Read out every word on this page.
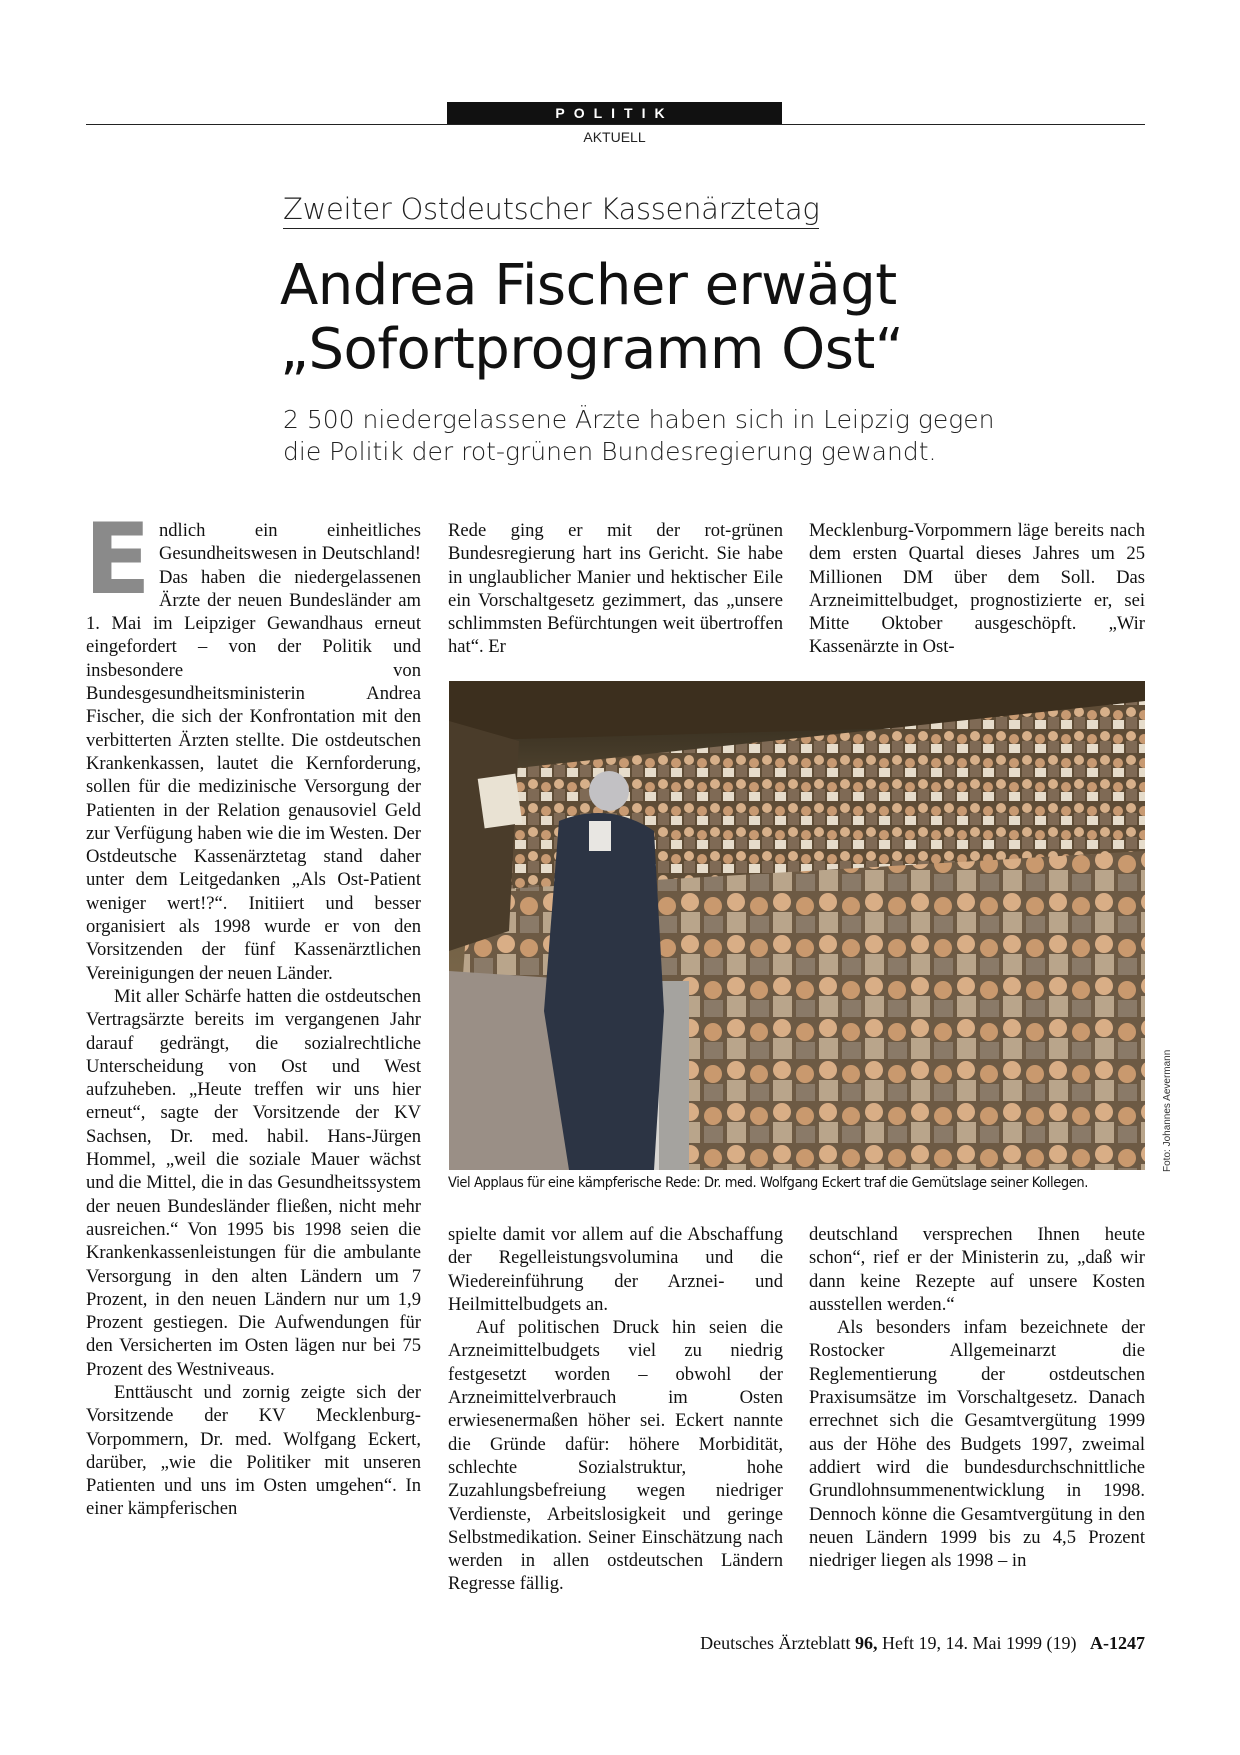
POLITIK
AKTUELL
Zweiter Ostdeutscher Kassenärztetag
Andrea Fischer erwägt
„Sofortprogramm Ost“
2 500 niedergelassene Ärzte haben sich in Leipzig gegen
die Politik der rot-grünen Bundesregierung gewandt.

Endlich ein einheitliches Gesundheitswesen in Deutschland! Das haben die niedergelassenen Ärzte der neuen Bundesländer am 1. Mai im Leipziger Gewandhaus erneut eingefordert – von der Politik und insbesondere von Bundesgesundheitsministerin Andrea Fischer, die sich der Konfrontation mit den verbitterten Ärzten stellte. Die ostdeutschen Krankenkassen, lautet die Kernforderung, sollen für die medizinische Versorgung der Patienten in der Relation genausoviel Geld zur Verfügung haben wie die im Westen. Der Ostdeutsche Kassenärztetag stand daher unter dem Leitgedanken „Als Ost-Patient weniger wert!?“. Initiiert und besser organisiert als 1998 wurde er von den Vorsitzenden der fünf Kassenärztlichen Vereinigungen der neuen Länder.

Mit aller Schärfe hatten die ostdeutschen Vertragsärzte bereits im vergangenen Jahr darauf gedrängt, die sozialrechtliche Unterscheidung von Ost und West aufzuheben. „Heute treffen wir uns hier erneut“, sagte der Vorsitzende der KV Sachsen, Dr. med. habil. Hans-Jürgen Hommel, „weil die soziale Mauer wächst und die Mittel, die in das Gesundheitssystem der neuen Bundesländer fließen, nicht mehr ausreichen.“ Von 1995 bis 1998 seien die Krankenkassenleistungen für die ambulante Versorgung in den alten Ländern um 7 Prozent, in den neuen Ländern nur um 1,9 Prozent gestiegen. Die Aufwendungen für den Versicherten im Osten lägen nur bei 75 Prozent des Westniveaus.

Enttäuscht und zornig zeigte sich der Vorsitzende der KV Mecklenburg-Vorpommern, Dr. med. Wolfgang Eckert, darüber, „wie die Politiker mit unseren Patienten und uns im Osten umgehen“. In einer kämpferischen

Rede ging er mit der rot-grünen Bundesregierung hart ins Gericht. Sie habe in unglaublicher Manier und hektischer Eile ein Vorschaltgesetz gezimmert, das „unsere schlimmsten Befürchtungen weit übertroffen hat“. Er

Mecklenburg-Vorpommern läge bereits nach dem ersten Quartal dieses Jahres um 25 Millionen DM über dem Soll. Das Arzneimittelbudget, prognostizierte er, sei Mitte Oktober ausgeschöpft. „Wir Kassenärzte in Ost-

Viel Applaus für eine kämpferische Rede: Dr. med. Wolfgang Eckert traf die Gemütslage seiner Kollegen.
Foto: Johannes Aevermann

spielte damit vor allem auf die Abschaffung der Regelleistungsvolumina und die Wiedereinführung der Arznei- und Heilmittelbudgets an.

Auf politischen Druck hin seien die Arzneimittelbudgets viel zu niedrig festgesetzt worden – obwohl der Arzneimittelverbrauch im Osten erwiesenermaßen höher sei. Eckert nannte die Gründe dafür: höhere Morbidität, schlechte Sozialstruktur, hohe Zuzahlungsbefreiung wegen niedriger Verdienste, Arbeitslosigkeit und geringe Selbstmedikation. Seiner Einschätzung nach werden in allen ostdeutschen Ländern Regresse fällig.

deutschland versprechen Ihnen heute schon“, rief er der Ministerin zu, „daß wir dann keine Rezepte auf unsere Kosten ausstellen werden.“

Als besonders infam bezeichnete der Rostocker Allgemeinarzt die Reglementierung der ostdeutschen Praxisumsätze im Vorschaltgesetz. Danach errechnet sich die Gesamtvergütung 1999 aus der Höhe des Budgets 1997, zweimal addiert wird die bundesdurchschnittliche Grundlohnsummenentwicklung in 1998. Dennoch könne die Gesamtvergütung in den neuen Ländern 1999 bis zu 4,5 Prozent niedriger liegen als 1998 – in

Deutsches Ärzteblatt 96, Heft 19, 14. Mai 1999 (19) A-1247
